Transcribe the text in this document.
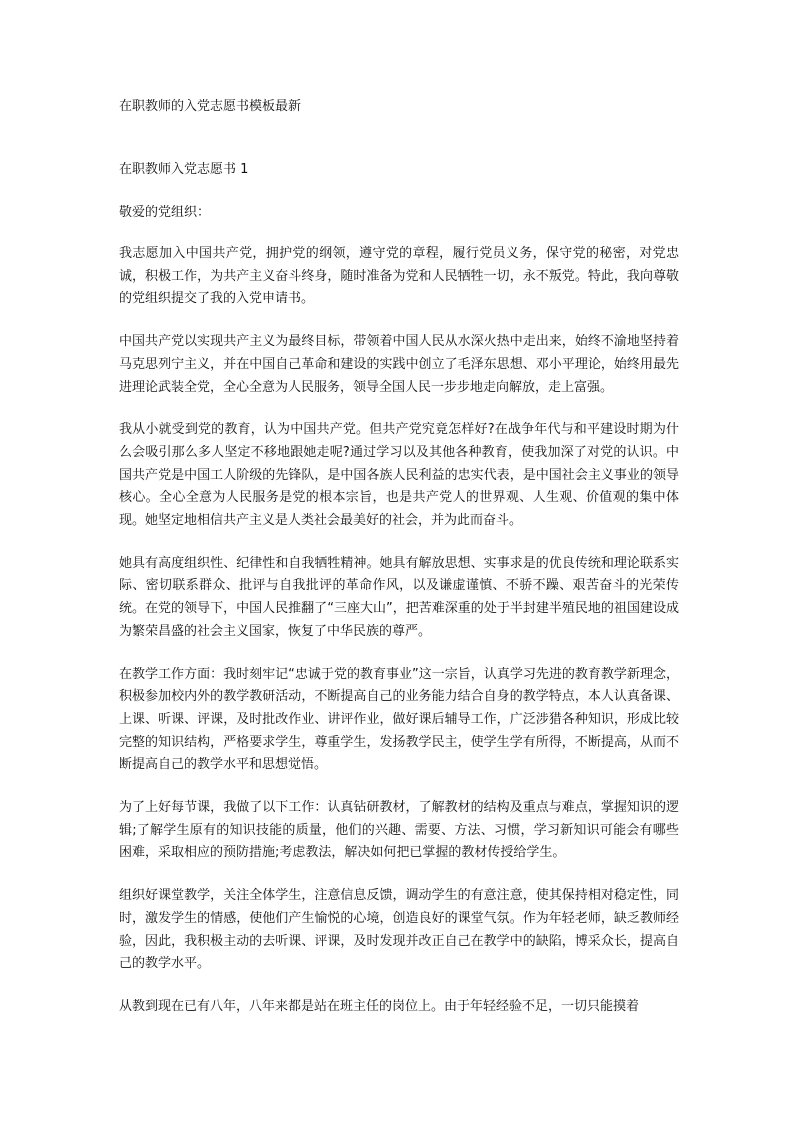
在职教师的入党志愿书模板最新
在职教师入党志愿书 1
敬爱的党组织：

我志愿加入中国共产党，拥护党的纲领，遵守党的章程，履行党员义务，保守党的秘密，对党忠诚，积极工作，为共产主义奋斗终身，随时准备为党和人民牺牲一切，永不叛党。特此，我向尊敬的党组织提交了我的入党申请书。

中国共产党以实现共产主义为最终目标，带领着中国人民从水深火热中走出来，始终不渝地坚持着马克思列宁主义，并在中国自己革命和建设的实践中创立了毛泽东思想、邓小平理论，始终用最先进理论武装全党，全心全意为人民服务，领导全国人民一步步地走向解放，走上富强。

我从小就受到党的教育，认为中国共产党。但共产党究竟怎样好?在战争年代与和平建设时期为什么会吸引那么多人坚定不移地跟她走呢?通过学习以及其他各种教育，使我加深了对党的认识。中国共产党是中国工人阶级的先锋队，是中国各族人民利益的忠实代表，是中国社会主义事业的领导核心。全心全意为人民服务是党的根本宗旨，也是共产党人的世界观、人生观、价值观的集中体现。她坚定地相信共产主义是人类社会最美好的社会，并为此而奋斗。

她具有高度组织性、纪律性和自我牺牲精神。她具有解放思想、实事求是的优良传统和理论联系实际、密切联系群众、批评与自我批评的革命作风，以及谦虚谨慎、不骄不躁、艰苦奋斗的光荣传统。在党的领导下，中国人民推翻了“三座大山”，把苦难深重的处于半封建半殖民地的祖国建设成为繁荣昌盛的社会主义国家，恢复了中华民族的尊严。

在教学工作方面：我时刻牢记“忠诚于党的教育事业”这一宗旨，认真学习先进的教育教学新理念，积极参加校内外的教学教研活动，不断提高自己的业务能力结合自身的教学特点，本人认真备课、上课、听课、评课，及时批改作业、讲评作业，做好课后辅导工作，广泛涉猎各种知识，形成比较完整的知识结构，严格要求学生，尊重学生，发扬教学民主，使学生学有所得，不断提高，从而不断提高自己的教学水平和思想觉悟。

为了上好每节课，我做了以下工作：认真钻研教材，了解教材的结构及重点与难点，掌握知识的逻辑;了解学生原有的知识技能的质量，他们的兴趣、需要、方法、习惯，学习新知识可能会有哪些困难，采取相应的预防措施;考虑教法，解决如何把已掌握的教材传授给学生。

组织好课堂教学，关注全体学生，注意信息反馈，调动学生的有意注意，使其保持相对稳定性，同时，激发学生的情感，使他们产生愉悦的心境，创造良好的课堂气氛。作为年轻老师，缺乏教师经验，因此，我积极主动的去听课、评课，及时发现并改正自己在教学中的缺陷，博采众长，提高自己的教学水平。

从教到现在已有八年，八年来都是站在班主任的岗位上。由于年轻经验不足，一切只能摸着
